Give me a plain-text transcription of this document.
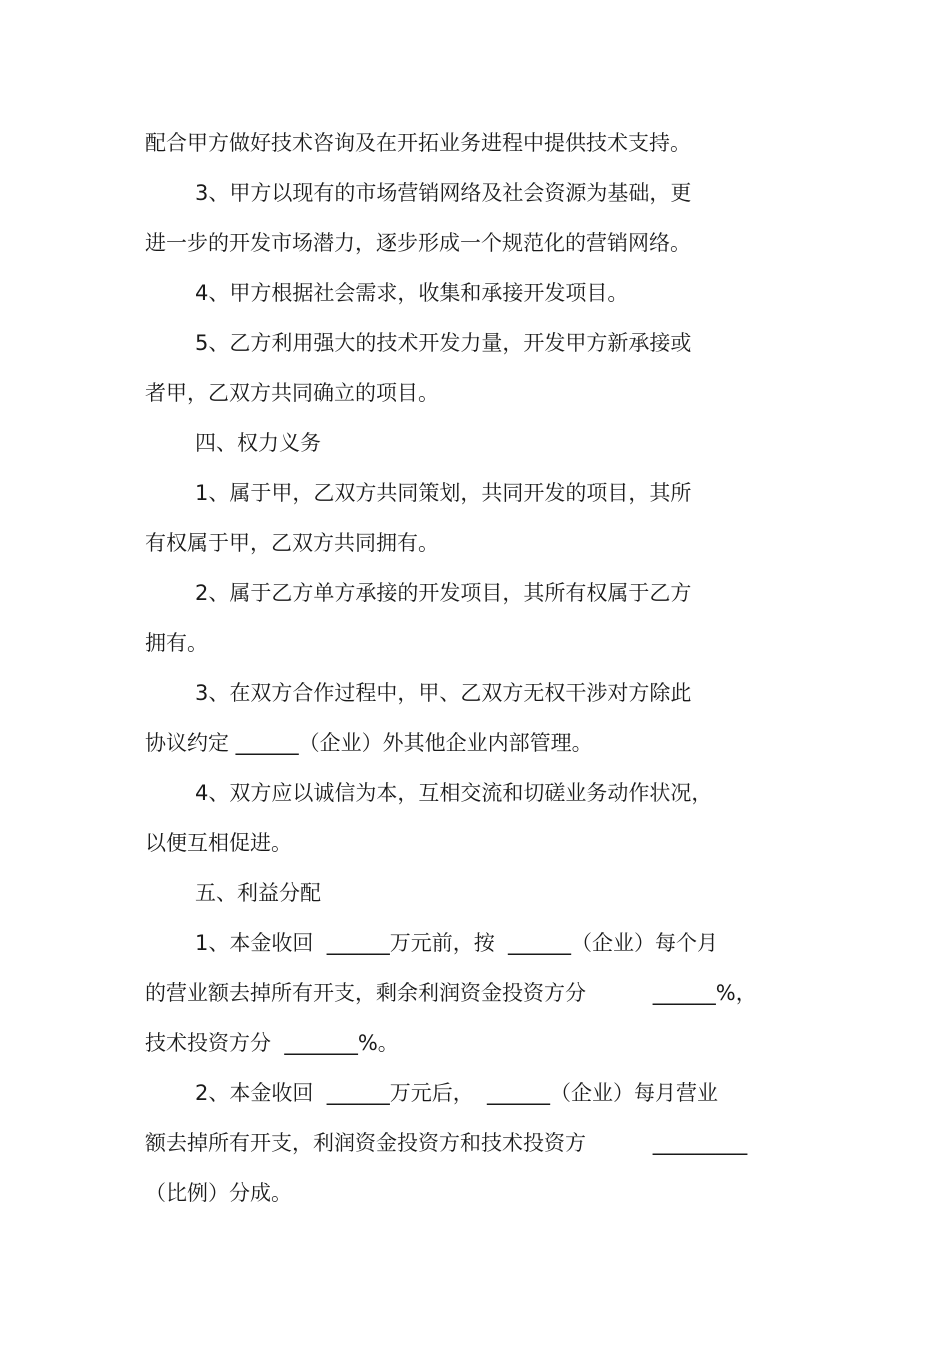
配合甲方做好技术咨询及在开拓业务进程中提供技术支持。

3、甲方以现有的市场营销网络及社会资源为基础，更

进一步的开发市场潜力，逐步形成一个规范化的营销网络。

4、甲方根据社会需求，收集和承接开发项目。

5、乙方利用强大的技术开发力量，开发甲方新承接或

者甲，乙双方共同确立的项目。

四、权力义务

1、属于甲，乙双方共同策划，共同开发的项目，其所

有权属于甲，乙双方共同拥有。

2、属于乙方单方承接的开发项目，其所有权属于乙方

拥有。

3、在双方合作过程中，甲、乙双方无权干涉对方除此

协议约定 ______（企业）外其他企业内部管理。

4、双方应以诚信为本，互相交流和切磋业务动作状况，

以便互相促进。

五、利益分配

1、本金收回  ______万元前，按  ______（企业）每个月

的营业额去掉所有开支，剩余利润资金投资方分          ______%，

技术投资方分  _______%。

2、本金收回  ______万元后，  ______（企业）每月营业

额去掉所有开支，利润资金投资方和技术投资方          _________

（比例）分成。
